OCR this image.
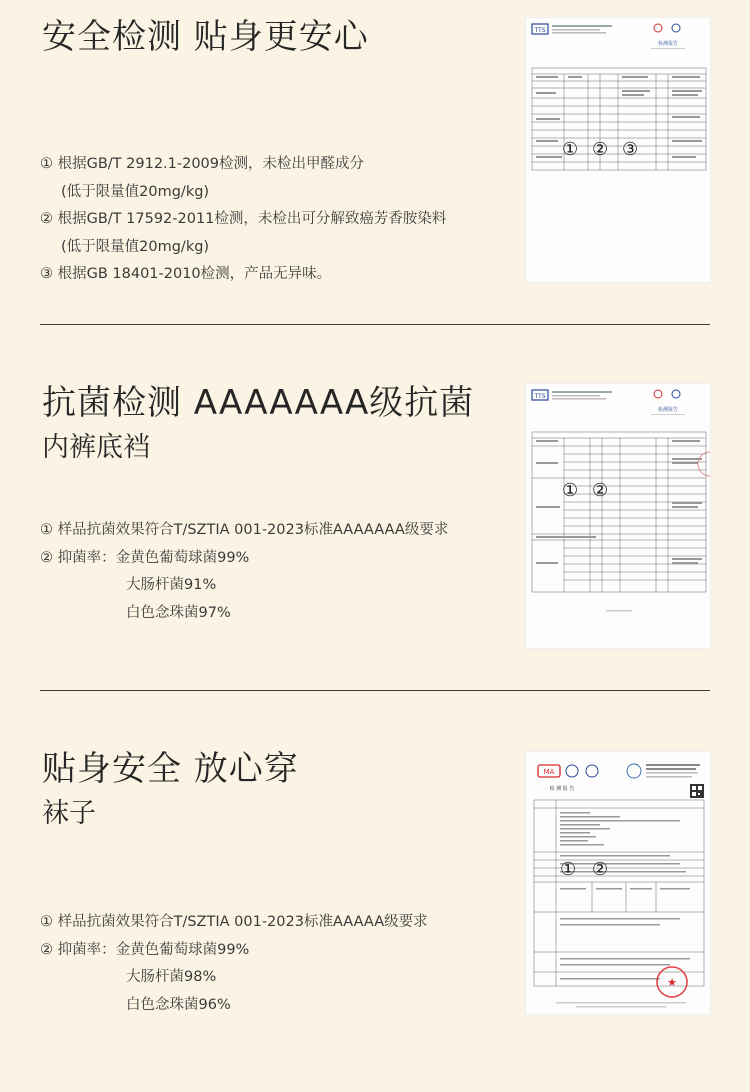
安全检测 贴身更安心
① 根据GB/T 2912.1-2009检测，未检出甲醛成分
(低于限量值20mg/kg)
② 根据GB/T 17592-2011检测，未检出可分解致癌芳香胺染料
(低于限量值20mg/kg)
③ 根据GB 18401-2010检测，产品无异味。
TTS
检测报告
① ② ③
抗菌检测 AAAAAAA级抗菌
内裤底裆
① 样品抗菌效果符合T/SZTIA 001-2023标准AAAAAAA级要求
② 抑菌率：金黄色葡萄球菌99%
大肠杆菌91%
白色念珠菌97%
TTS
检测报告
① ②
贴身安全 放心穿
袜子
① 样品抗菌效果符合T/SZTIA 001-2023标准AAAAA级要求
② 抑菌率：金黄色葡萄球菌99%
大肠杆菌98%
白色念珠菌96%
MA
检 测 报 告
★
① ②
